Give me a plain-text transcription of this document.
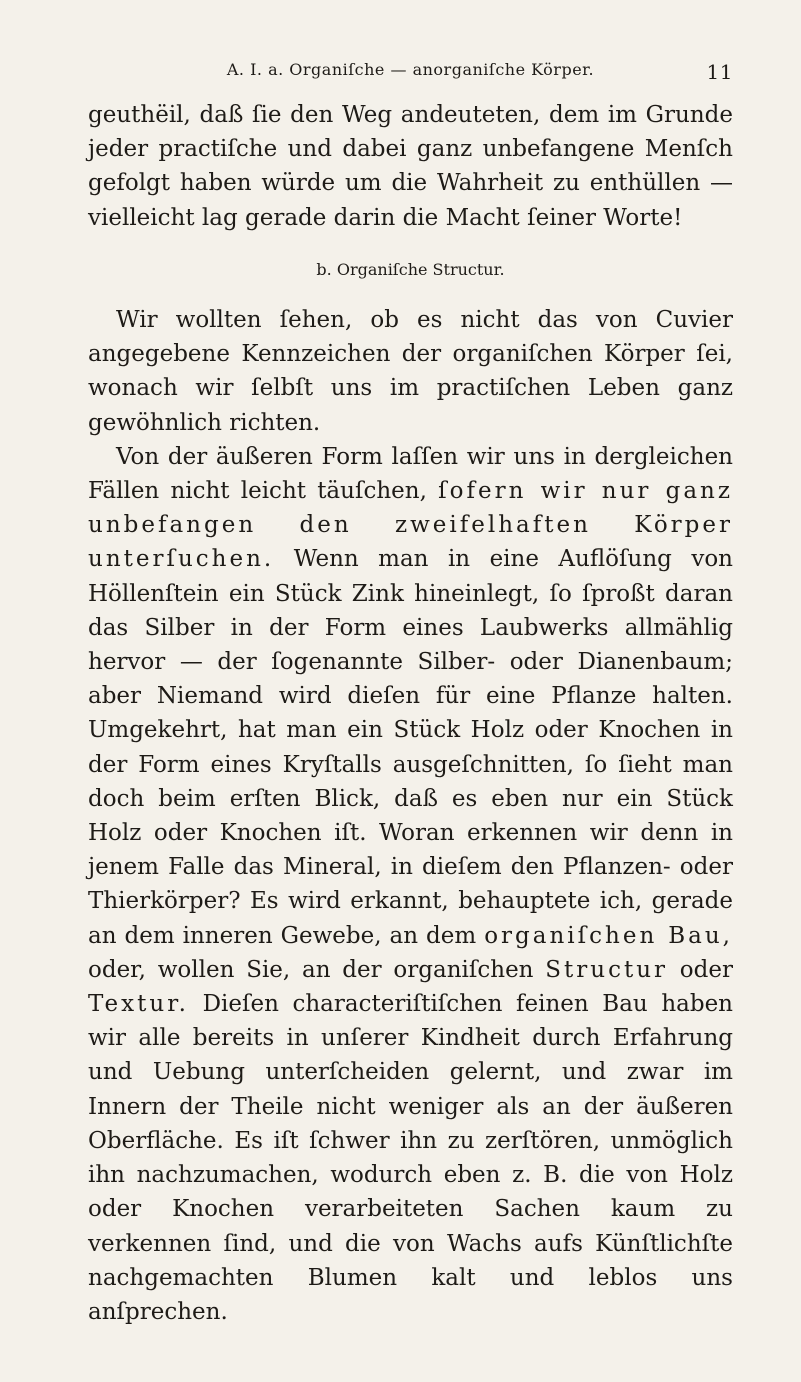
A. I. a. Organiſche — anorganiſche Körper.	11

geuthëil, daß ſie den Weg andeuteten, dem im Grunde jeder practiſche und dabei ganz unbefangene Menſch gefolgt haben würde um die Wahrheit zu enthüllen — vielleicht lag gerade darin die Macht ſeiner Worte!

b. Organiſche Structur.

Wir wollten ſehen, ob es nicht das von Cuvier angegebene Kennzeichen der organiſchen Körper ſei, wonach wir ſelbſt uns im practiſchen Leben ganz gewöhnlich richten.

Von der äußeren Form laſſen wir uns in dergleichen Fällen nicht leicht täuſchen, ſofern wir nur ganz unbefangen den zweifelhaften Körper unterſuchen. Wenn man in eine Auflöſung von Höllenſtein ein Stück Zink hineinlegt, ſo ſproßt daran das Silber in der Form eines Laubwerks allmählig hervor — der ſogenannte Silber- oder Dianenbaum; aber Niemand wird dieſen für eine Pflanze halten. Umgekehrt, hat man ein Stück Holz oder Knochen in der Form eines Kryſtalls ausgeſchnitten, ſo ſieht man doch beim erſten Blick, daß es eben nur ein Stück Holz oder Knochen iſt. Woran erkennen wir denn in jenem Falle das Mineral, in dieſem den Pflanzen- oder Thierkörper? Es wird erkannt, behauptete ich, gerade an dem inneren Gewebe, an dem organiſchen Bau, oder, wollen Sie, an der organiſchen Structur oder Textur. Dieſen characteriſtiſchen feinen Bau haben wir alle bereits in unſerer Kindheit durch Erfahrung und Uebung unterſcheiden gelernt, und zwar im Innern der Theile nicht weniger als an der äußeren Oberfläche. Es iſt ſchwer ihn zu zerſtören, unmöglich ihn nachzumachen, wodurch eben z. B. die von Holz oder Knochen verarbeiteten Sachen kaum zu verkennen ſind, und die von Wachs aufs Künſtlichſte nachgemachten Blumen kalt und leblos uns anſprechen.
